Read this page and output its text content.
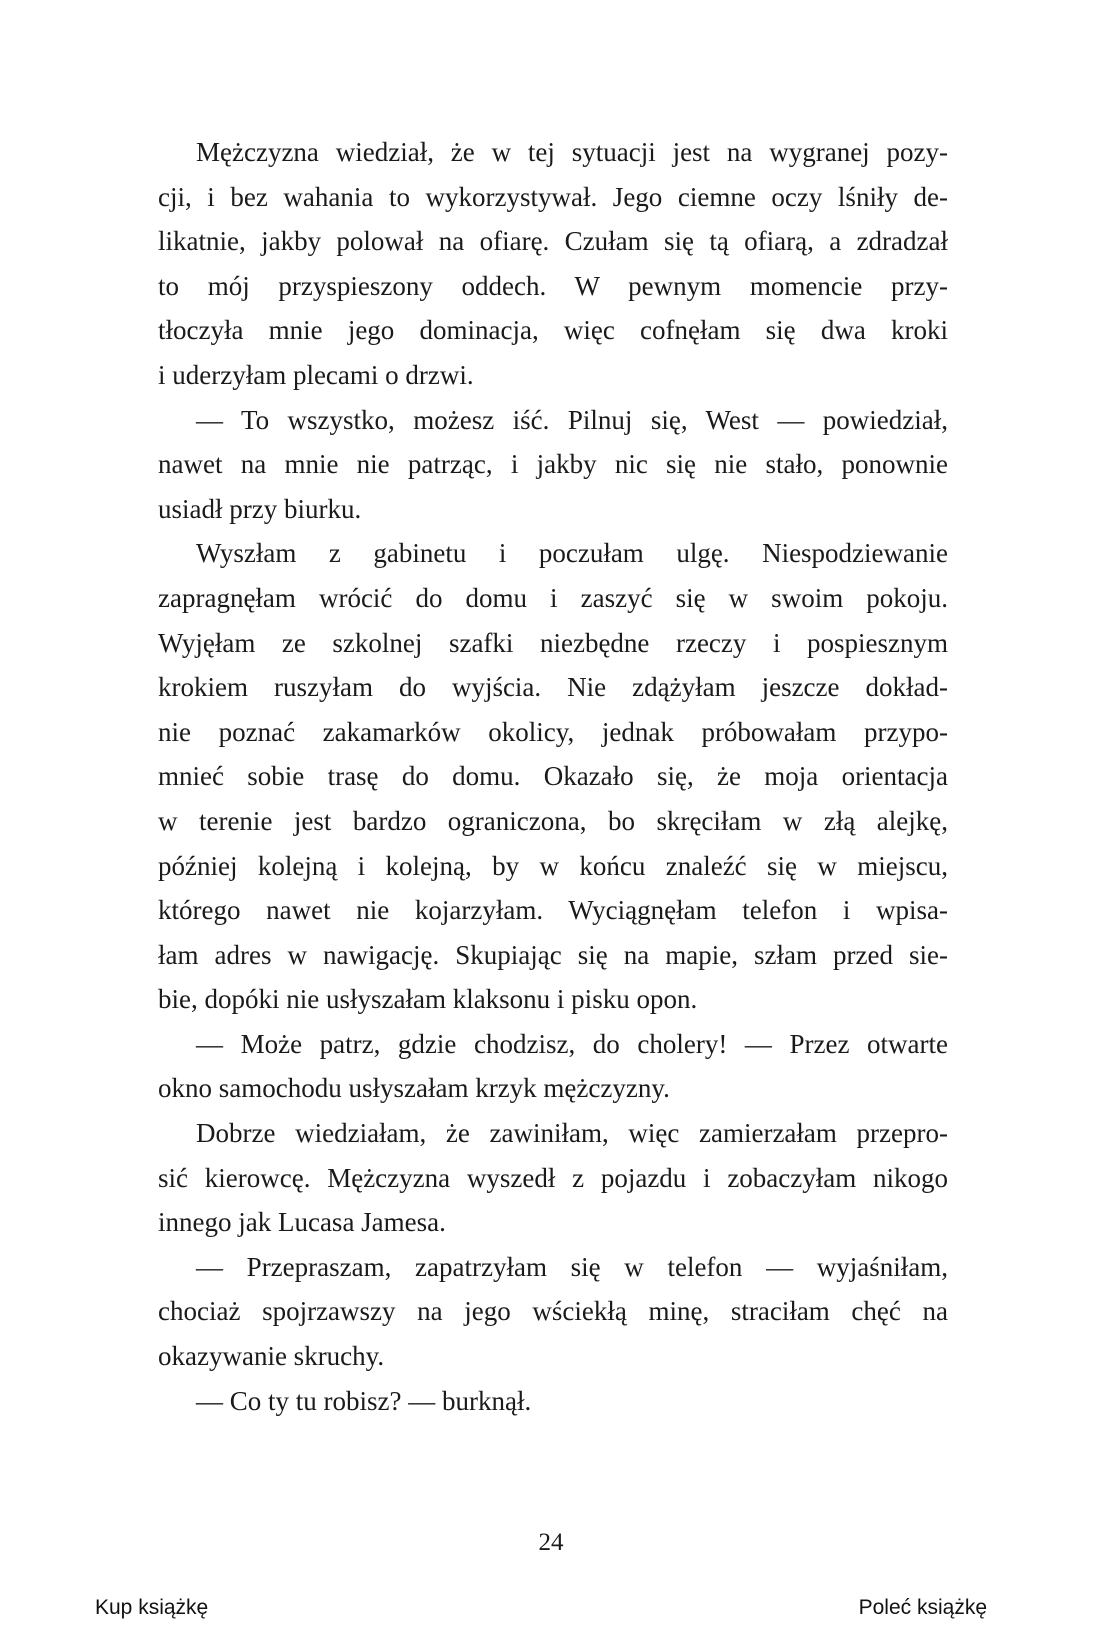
Mężczyzna wiedział, że w tej sytuacji jest na wygranej pozy-
cji, i bez wahania to wykorzystywał. Jego ciemne oczy lśniły de-
likatnie, jakby polował na ofiarę. Czułam się tą ofiarą, a zdradzał
to mój przyspieszony oddech. W pewnym momencie przy-
tłoczyła mnie jego dominacja, więc cofnęłam się dwa kroki
i uderzyłam plecami o drzwi.
— To wszystko, możesz iść. Pilnuj się, West — powiedział,
nawet na mnie nie patrząc, i jakby nic się nie stało, ponownie
usiadł przy biurku.
Wyszłam z gabinetu i poczułam ulgę. Niespodziewanie
zapragnęłam wrócić do domu i zaszyć się w swoim pokoju.
Wyjęłam ze szkolnej szafki niezbędne rzeczy i pospiesznym
krokiem ruszyłam do wyjścia. Nie zdążyłam jeszcze dokład-
nie poznać zakamarków okolicy, jednak próbowałam przypo-
mnieć sobie trasę do domu. Okazało się, że moja orientacja
w terenie jest bardzo ograniczona, bo skręciłam w złą alejkę,
później kolejną i kolejną, by w końcu znaleźć się w miejscu,
którego nawet nie kojarzyłam. Wyciągnęłam telefon i wpisa-
łam adres w nawigację. Skupiając się na mapie, szłam przed sie-
bie, dopóki nie usłyszałam klaksonu i pisku opon.
— Może patrz, gdzie chodzisz, do cholery! — Przez otwarte
okno samochodu usłyszałam krzyk mężczyzny.
Dobrze wiedziałam, że zawiniłam, więc zamierzałam przepro-
sić kierowcę. Mężczyzna wyszedł z pojazdu i zobaczyłam nikogo
innego jak Lucasa Jamesa.
— Przepraszam, zapatrzyłam się w telefon — wyjaśniłam,
chociaż spojrzawszy na jego wściekłą minę, straciłam chęć na
okazywanie skruchy.
— Co ty tu robisz? — burknął.
24
Kup książkę	Poleć książkę
